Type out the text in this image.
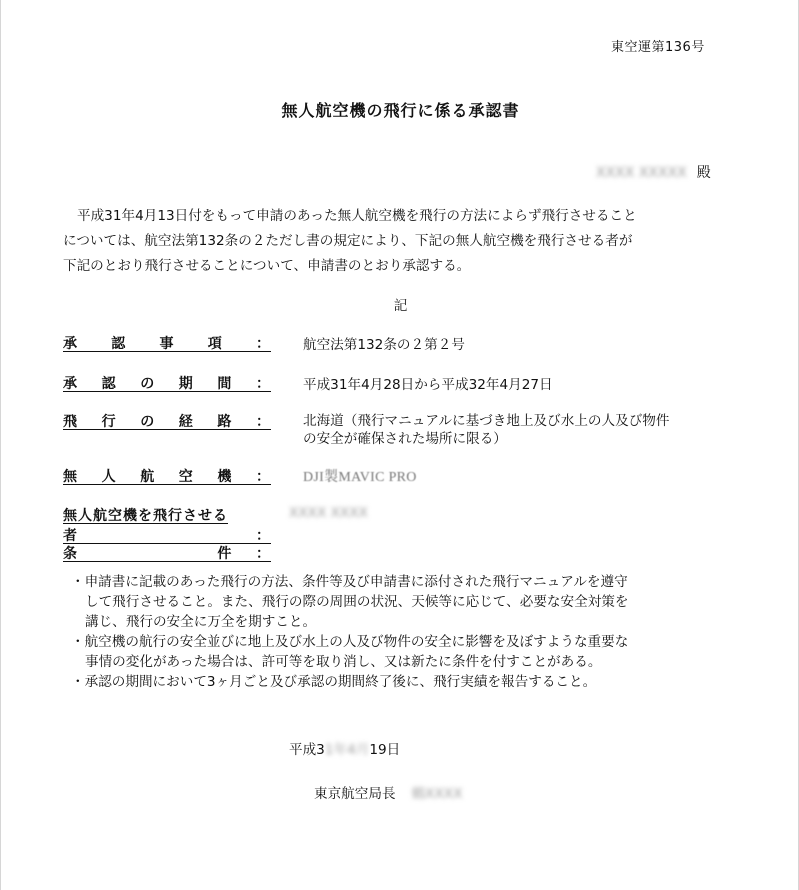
東空運第136号
無人航空機の飛行に係る承認書
XXXX XXXXX 殿

平成31年4月13日付をもって申請のあった無人航空機を飛行の方法によらず飛行させること

については、航空法第132条の２ただし書の規定により、下記の無人航空機を飛行させる者が

下記のとおり飛行させることについて、申請書のとおり承認する。

記
承　認　事　項　： 航空法第132条の２第２号
承　認　の　期　間　： 平成31年4月28日から平成32年4月27日
飛　行　の　経　路　： 北海道（飛行マニュアルに基づき地上及び水上の人及び物件
の安全が確保された場所に限る）
無　人　航　空　機　： DJI製MAVIC PRO
無人航空機を飛行させる者　：
XXXX XXXX
条　　　　　　　件　：
・申請書に記載のあった飛行の方法、条件等及び申請書に添付された飛行マニュアルを遵守
して飛行させること。また、飛行の際の周囲の状況、天候等に応じて、必要な安全対策を
講じ、飛行の安全に万全を期すこと。
・航空機の航行の安全並びに地上及び水上の人及び物件の安全に影響を及ぼすような重要な
事情の変化があった場合は、許可等を取り消し、又は新たに条件を付すことがある。
・承認の期間において3ヶ月ごと及び承認の期間終了後に、飛行実績を報告すること。
平成31年4月19日
東京航空局長 鶴XXXX
